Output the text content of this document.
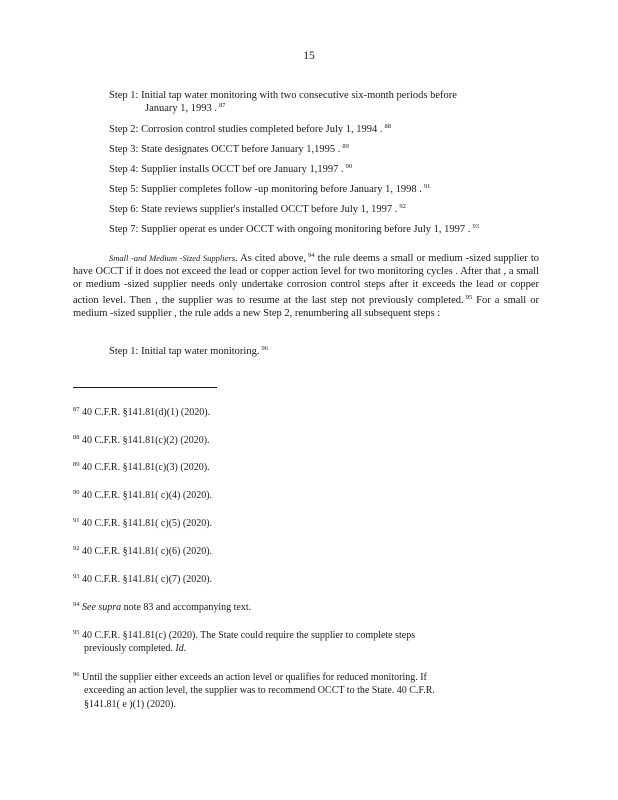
15
Step 1: Initial tap water monitoring with two consecutive six-month periods before
January 1, 1993 . $^{87}$
Step 2: Corrosion control studies completed before July 1, 1994 . $^{88}$
Step 3: State designates OCCT before January 1,1995 . $^{89}$
Step 4: Supplier installs OCCT bef ore January 1,1997 . $^{90}$
Step 5: Supplier completes follow -up monitoring before January 1, 1998 . $^{91}$
Step 6: State reviews supplier's installed OCCT before July 1, 1997 . $^{92}$
Step 7: Supplier operat es under OCCT with ongoing monitoring before July 1, 1997 . $^{93}$
Small -and Medium -Sized Suppliers. As cited above, $^{94}$ the rule deems a small or medium -sized supplier to have OCCT if it does not exceed the lead or copper action level for two monitoring cycles . After that , a small or medium -sized supplier needs only undertake corrosion control steps after it exceeds the lead or copper action level. Then , the supplier was to resume at the last step not previously completed. $^{95}$ For a small or medium -sized supplier , the rule adds a new Step 2, renumbering all subsequent steps :
Step 1: Initial tap water monitoring. $^{96}$
$^{87}$ 40 C.F.R. §141.81(d)(1) (2020).
$^{88}$ 40 C.F.R. §141.81(c)(2) (2020).
$^{89}$ 40 C.F.R. §141.81(c)(3) (2020).
$^{90}$ 40 C.F.R. §141.81( c)(4) (2020).
$^{91}$ 40 C.F.R. §141.81( c)(5) (2020).
$^{92}$ 40 C.F.R. §141.81( c)(6) (2020).
$^{93}$ 40 C.F.R. §141.81( c)(7) (2020).
$^{94}$ See supra note 83 and accompanying text.
$^{95}$ 40 C.F.R. §141.81(c) (2020). The State could require the supplier to complete steps
previously completed. Id.
$^{96}$ Until the supplier either exceeds an action level or qualifies for reduced monitoring. If
exceeding an action level, the supplier was to recommend OCCT to the State. 40 C.F.R.
§141.81( e )(1) (2020).
